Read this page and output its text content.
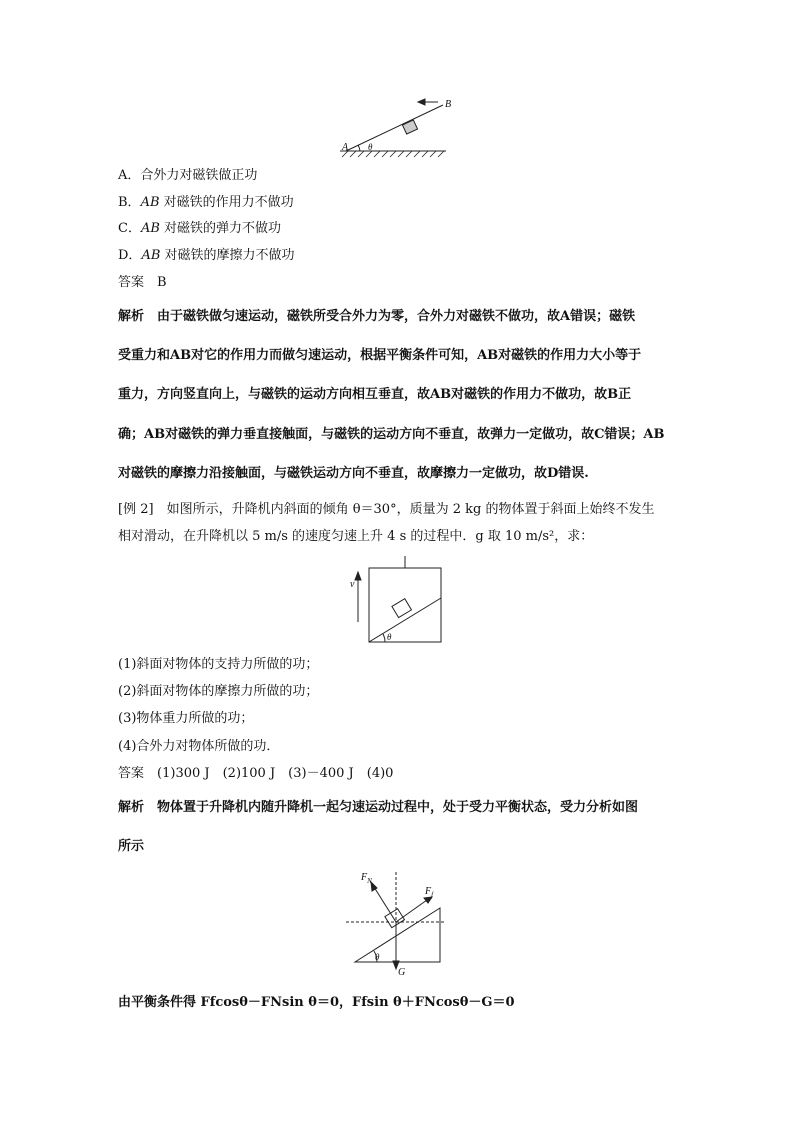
A
B
θ
A．合外力对磁铁做正功
B．AB 对磁铁的作用力不做功
C．AB 对磁铁的弹力不做功
D．AB 对磁铁的摩擦力不做功
答案　 B
解析　 由于磁铁做匀速运动，磁铁所受合外力为零，合外力对磁铁不做功，故A错误；磁铁
受重力和AB对它的作用力而做匀速运动，根据平衡条件可知，AB对磁铁的作用力大小等于
重力，方向竖直向上，与磁铁的运动方向相互垂直，故AB对磁铁的作用力不做功，故B正
确；AB对磁铁的弹力垂直接触面，与磁铁的运动方向不垂直，故弹力一定做功，故C错误；AB
对磁铁的摩擦力沿接触面，与磁铁运动方向不垂直，故摩擦力一定做功，故D错误.
[例 2]　 如图所示，升降机内斜面的倾角 θ＝30°，质量为 2 kg 的物体置于斜面上始终不发生
相对滑动，在升降机以 5 m/s 的速度匀速上升 4 s 的过程中．g 取 10 m/s²，求：
v
θ
(1)斜面对物体的支持力所做的功；
(2)斜面对物体的摩擦力所做的功；
(3)物体重力所做的功；
(4)合外力对物体所做的功．
答案　 (1)300 J　(2)100 J　(3)－400 J　(4)0
解析　 物体置于升降机内随升降机一起匀速运动过程中，处于受力平衡状态，受力分析如图
所示
$F_N$
$F_f$
G
θ
由平衡条件得 Ffcosθ－FNsin θ＝0，Ffsin θ＋FNcosθ－G＝0
